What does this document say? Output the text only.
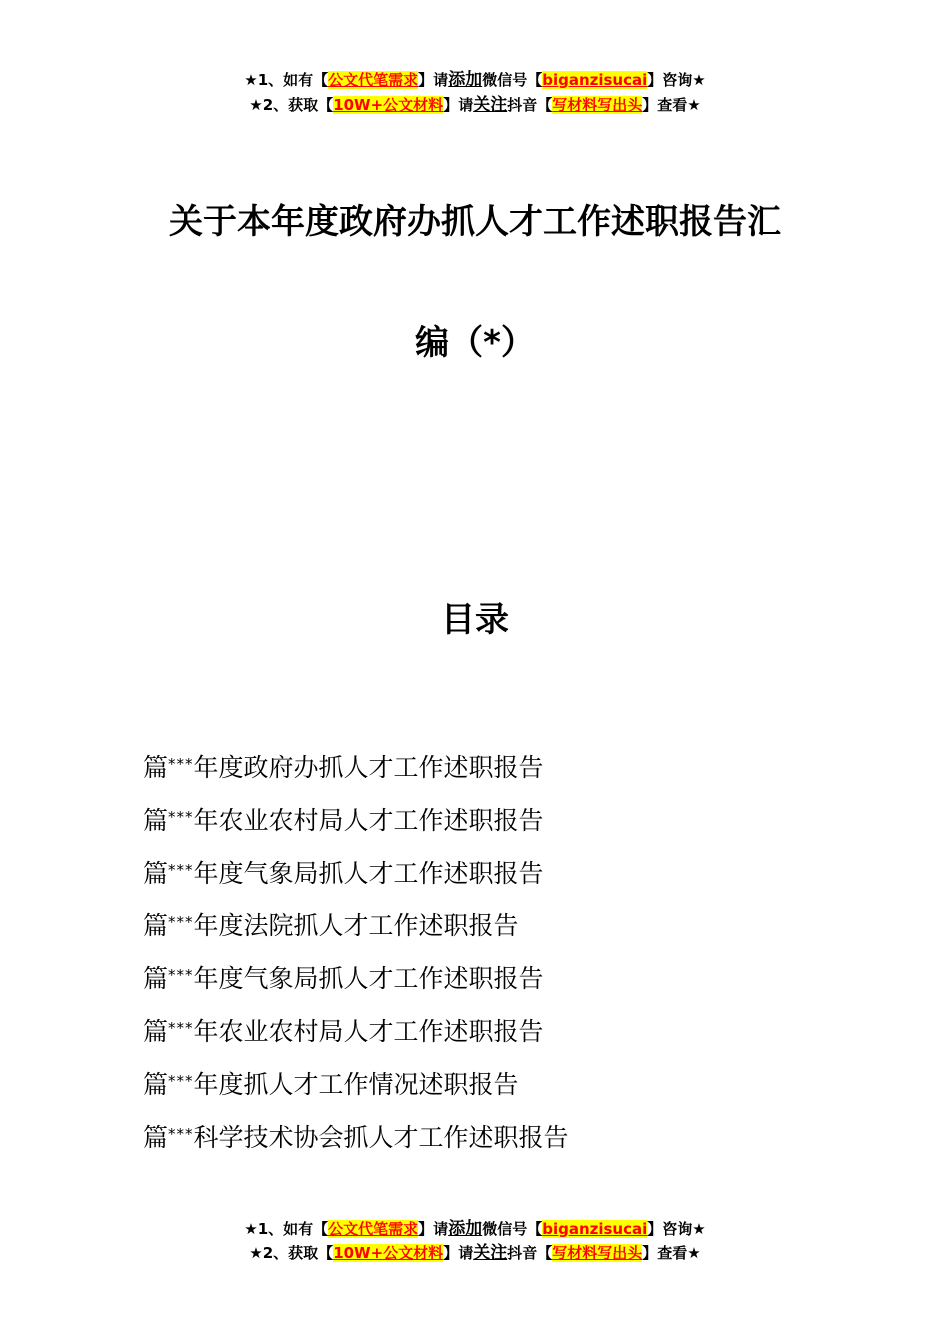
★1、如有【公文代笔需求】请添加微信号【biganzisucai】咨询★
★2、获取【10W+公文材料】请关注抖音【写材料写出头】查看★
关于本年度政府办抓人才工作述职报告汇
编（*）
目录
篇***年度政府办抓人才工作述职报告
篇***年农业农村局人才工作述职报告
篇***年度气象局抓人才工作述职报告
篇***年度法院抓人才工作述职报告
篇***年度气象局抓人才工作述职报告
篇***年农业农村局人才工作述职报告
篇***年度抓人才工作情况述职报告
篇***科学技术协会抓人才工作述职报告
★1、如有【公文代笔需求】请添加微信号【biganzisucai】咨询★
★2、获取【10W+公文材料】请关注抖音【写材料写出头】查看★
